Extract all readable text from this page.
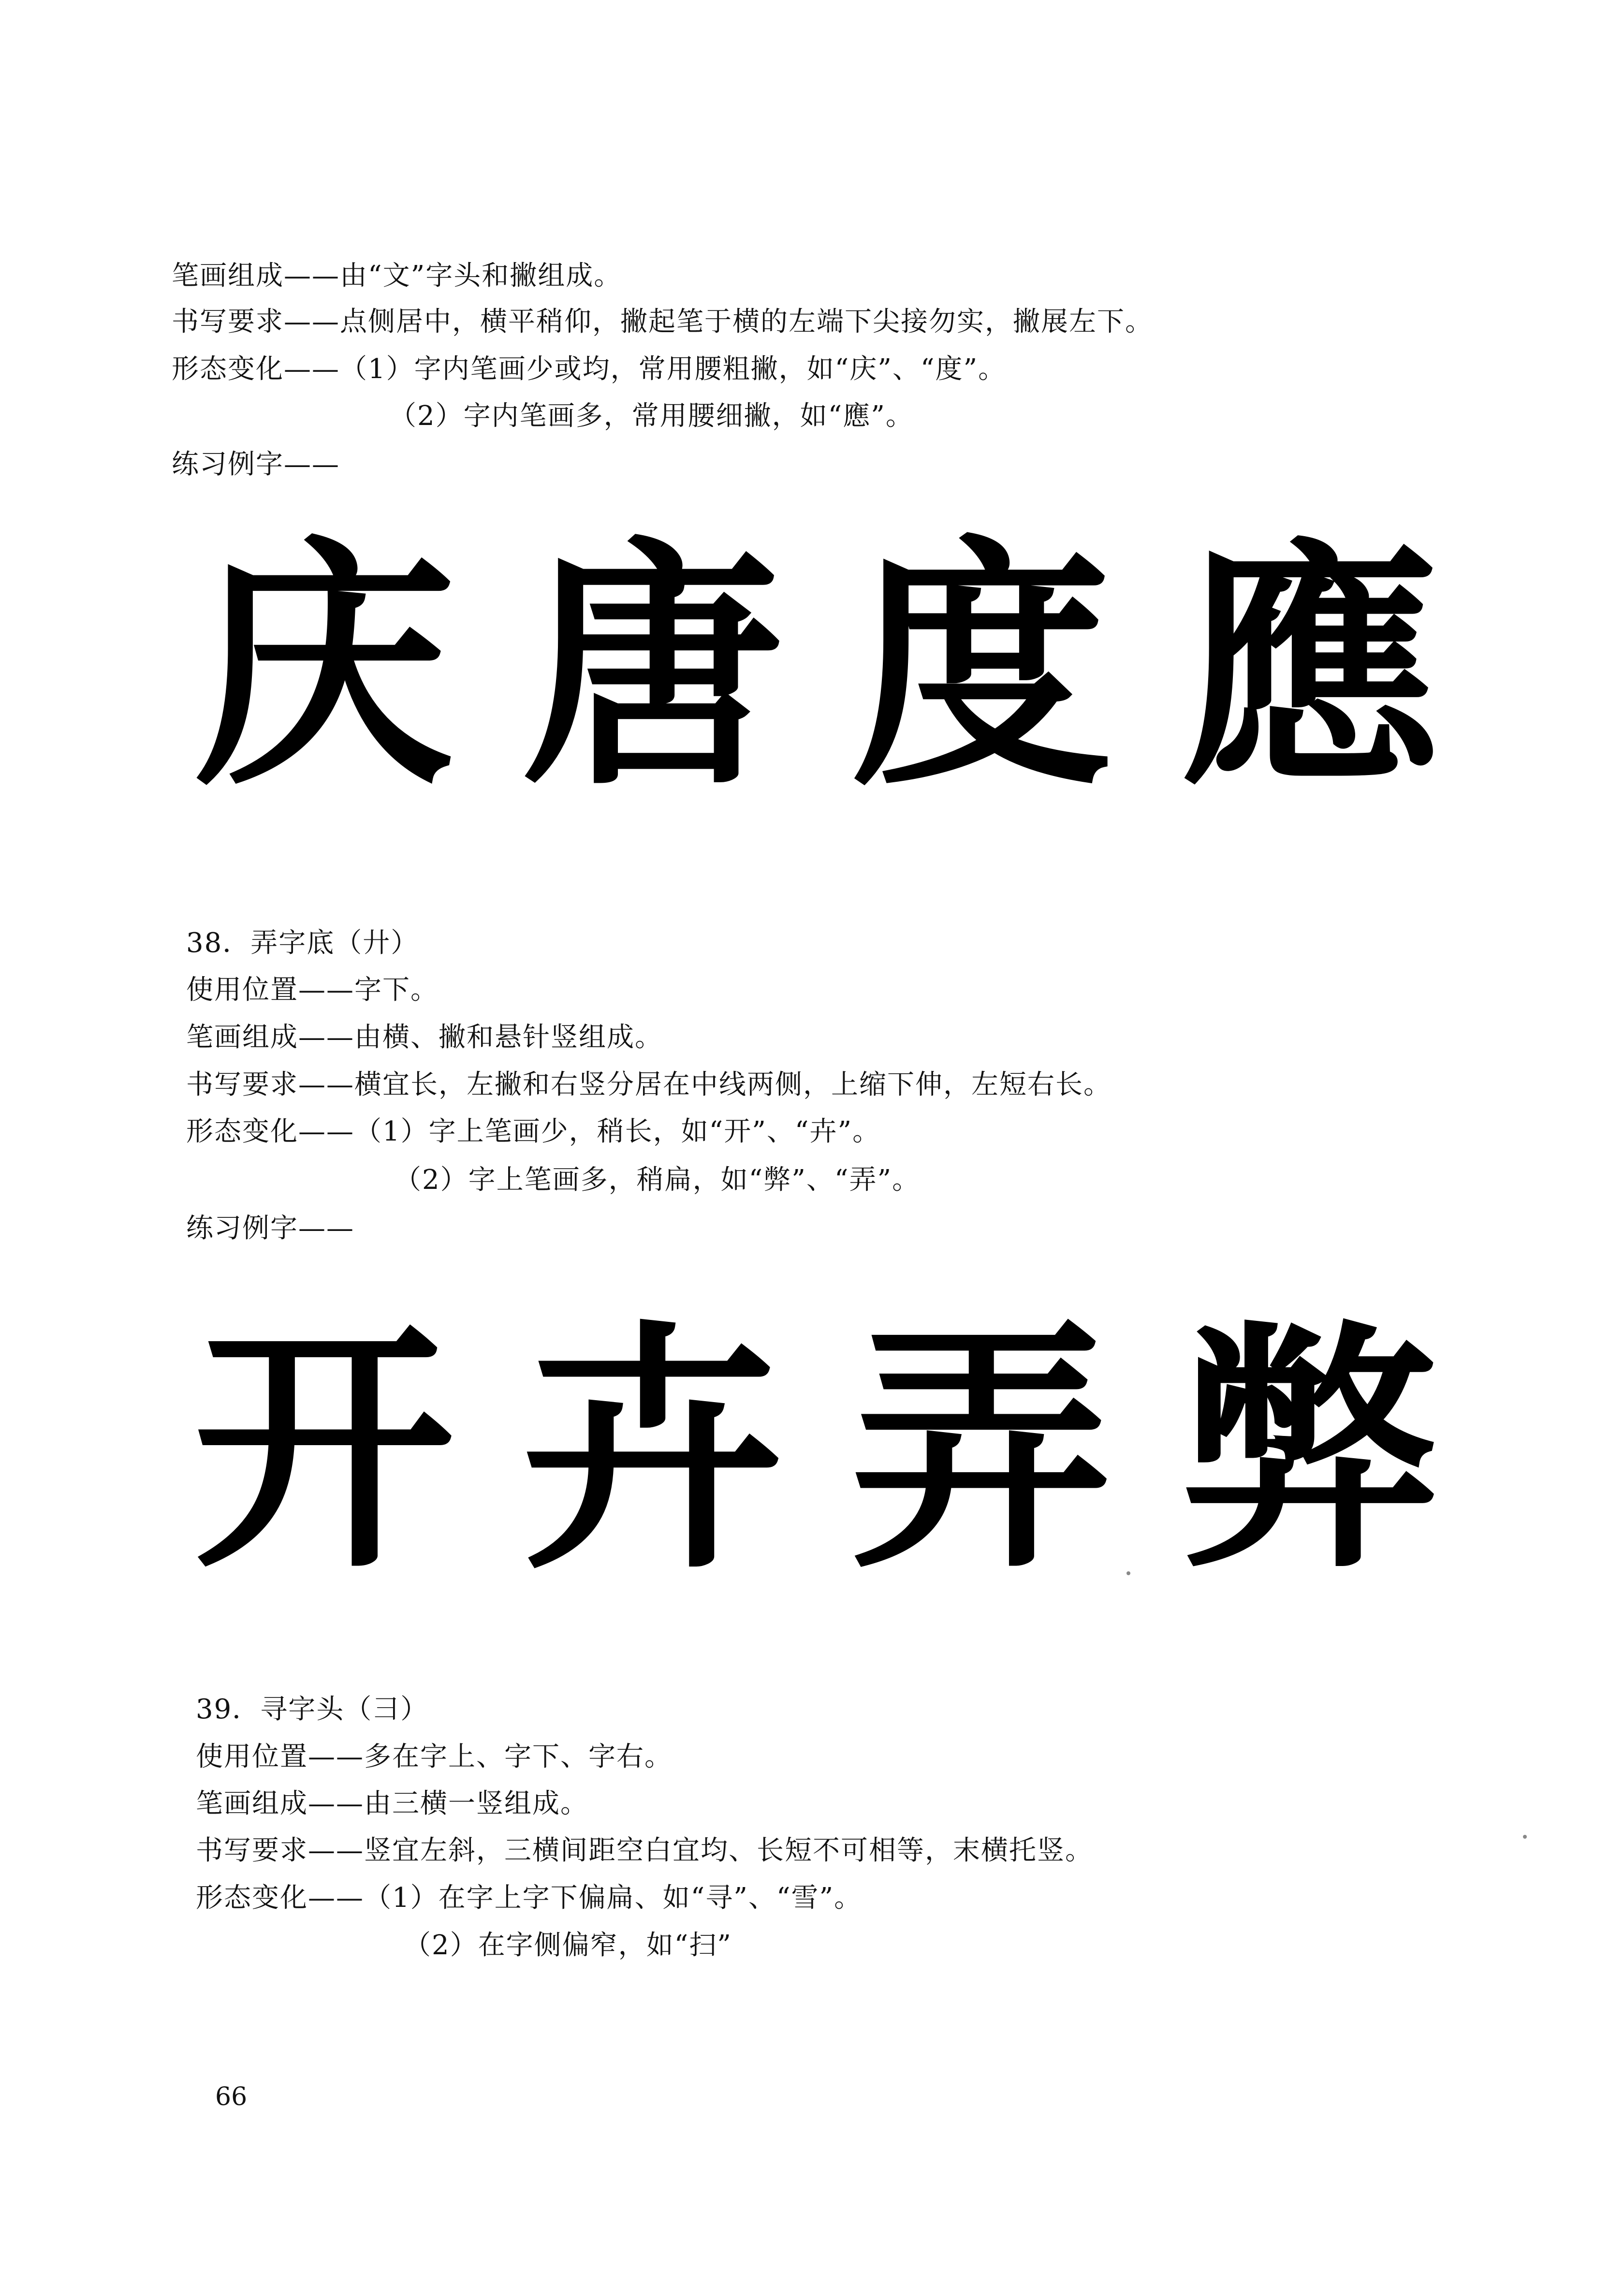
笔画组成——由“文”字头和撇组成。
书写要求——点侧居中，横平稍仰，撇起笔于横的左端下尖接勿实，撇展左下。
形态变化——（1）字内笔画少或均，常用腰粗撇，如“庆”、“度”。
（2）字内笔画多，常用腰细撇，如“應”。
练习例字——
庆 唐 度 應
38．弄字底（廾）
使用位置——字下。
笔画组成——由横、撇和悬针竖组成。
书写要求——横宜长，左撇和右竖分居在中线两侧，上缩下伸，左短右长。
形态变化——（1）字上笔画少，稍长，如“开”、“卉”。
（2）字上笔画多，稍扁，如“弊”、“弄”。
练习例字——
开 卉 弄 弊
39．寻字头（彐）
使用位置——多在字上、字下、字右。
笔画组成——由三横一竖组成。
书写要求——竖宜左斜，三横间距空白宜均、长短不可相等，末横托竖。
形态变化——（1）在字上字下偏扁、如“寻”、“雪”。
（2）在字侧偏窄，如“扫”
66
